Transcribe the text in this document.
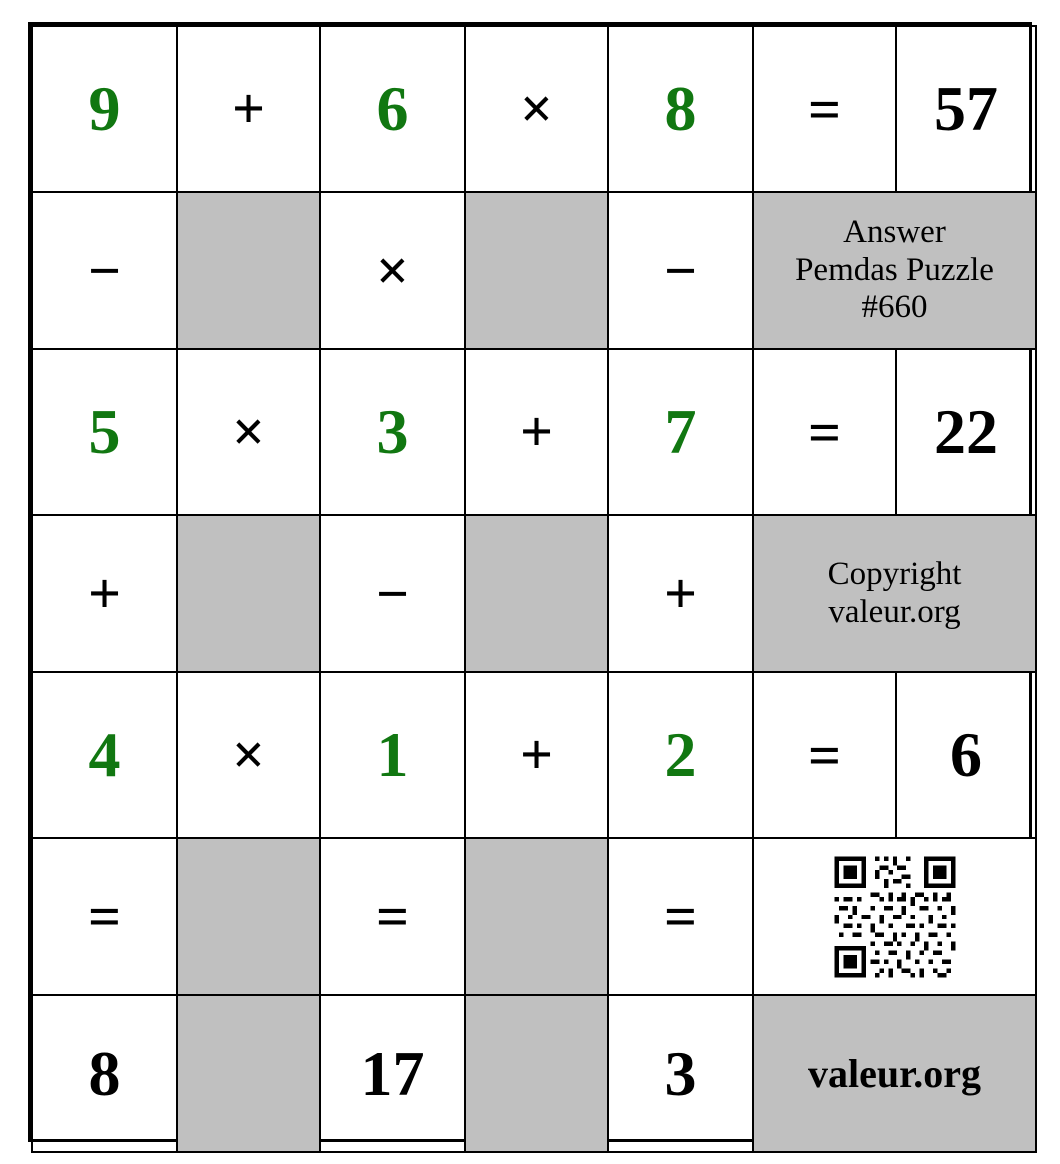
9	+	6	×	8	=	57
−		×		−	Answer
Pemdas Puzzle
#660	

5	×	3	+	7	=	22
+		−		+	Copyright
valeur.org	

4	×	1	+	2	=	6
=		=		=	

8		17		3	valeur.org	
